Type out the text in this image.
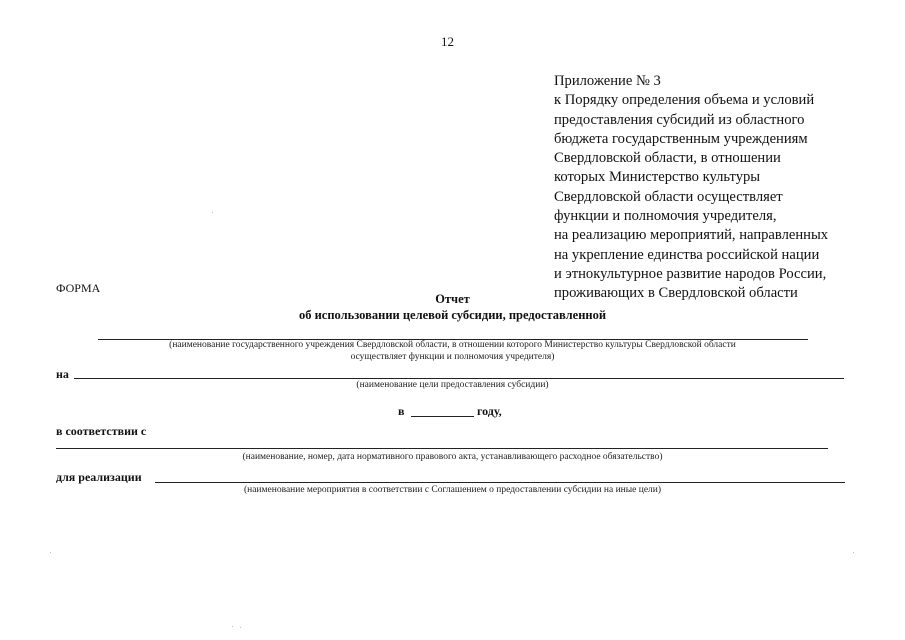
12
Приложение № 3
к Порядку определения объема и условий
предоставления субсидий из областного
бюджета государственным учреждениям
Свердловской области, в отношении
которых Министерство культуры
Свердловской области осуществляет
функции и полномочия учредителя,
на реализацию мероприятий, направленных
на укрепление единства российской нации
и этнокультурное развитие народов России,
проживающих в Свердловской области
ФОРМА
Отчет
об использовании целевой субсидии, предоставленной
(наименование государственного учреждения Свердловской области, в отношении которого Министерство культуры Свердловской области
осуществляет функции и полномочия учредителя)
на
(наименование цели предоставления субсидии)
в	году,
в соответствии с
(наименование, номер, дата нормативного правового акта, устанавливающего расходное обязательство)
для реализации
(наименование мероприятия в соответствии с Соглашением о предоставлении субсидии на иные цели)
